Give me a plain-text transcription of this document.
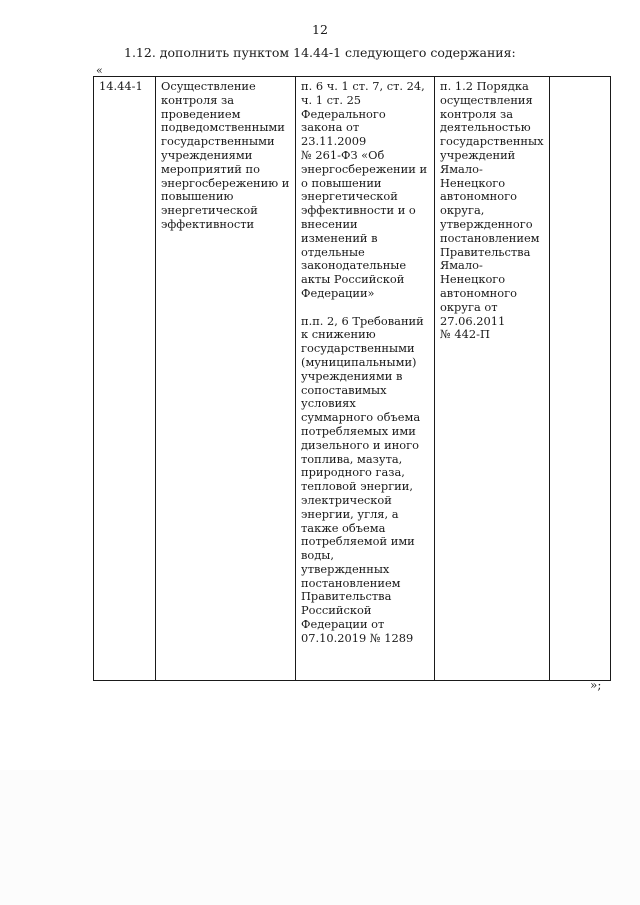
12
1.12. дополнить пунктом 14.44-1 следующего содержания:
«
14.44-1	Осуществление
контроля за
проведением
подведомственными
государственными
учреждениями
мероприятий по
энергосбережению и
повышению
энергетической
эффективности	п. 6 ч. 1 ст. 7, ст. 24,
ч. 1 ст. 25
Федерального
закона от
23.11.2009
№ 261-ФЗ «Об
энергосбережении и
о повышении
энергетической
эффективности и о
внесении
изменений в
отдельные
законодательные
акты Российской
Федерации»

п.п. 2, 6 Требований
к снижению
государственными
(муниципальными)
учреждениями в
сопоставимых
условиях
суммарного объема
потребляемых ими
дизельного и иного
топлива, мазута,
природного газа,
тепловой энергии,
электрической
энергии, угля, а
также объема
потребляемой ими
воды,
утвержденных
постановлением
Правительства
Российской
Федерации от
07.10.2019 № 1289	п. 1.2 Порядка
осуществления
контроля за
деятельностью
государственных
учреждений
Ямало-
Ненецкого
автономного
округа,
утвержденного
постановлением
Правительства
Ямало-
Ненецкого
автономного
округа от
27.06.2011
№ 442-П	
»;
